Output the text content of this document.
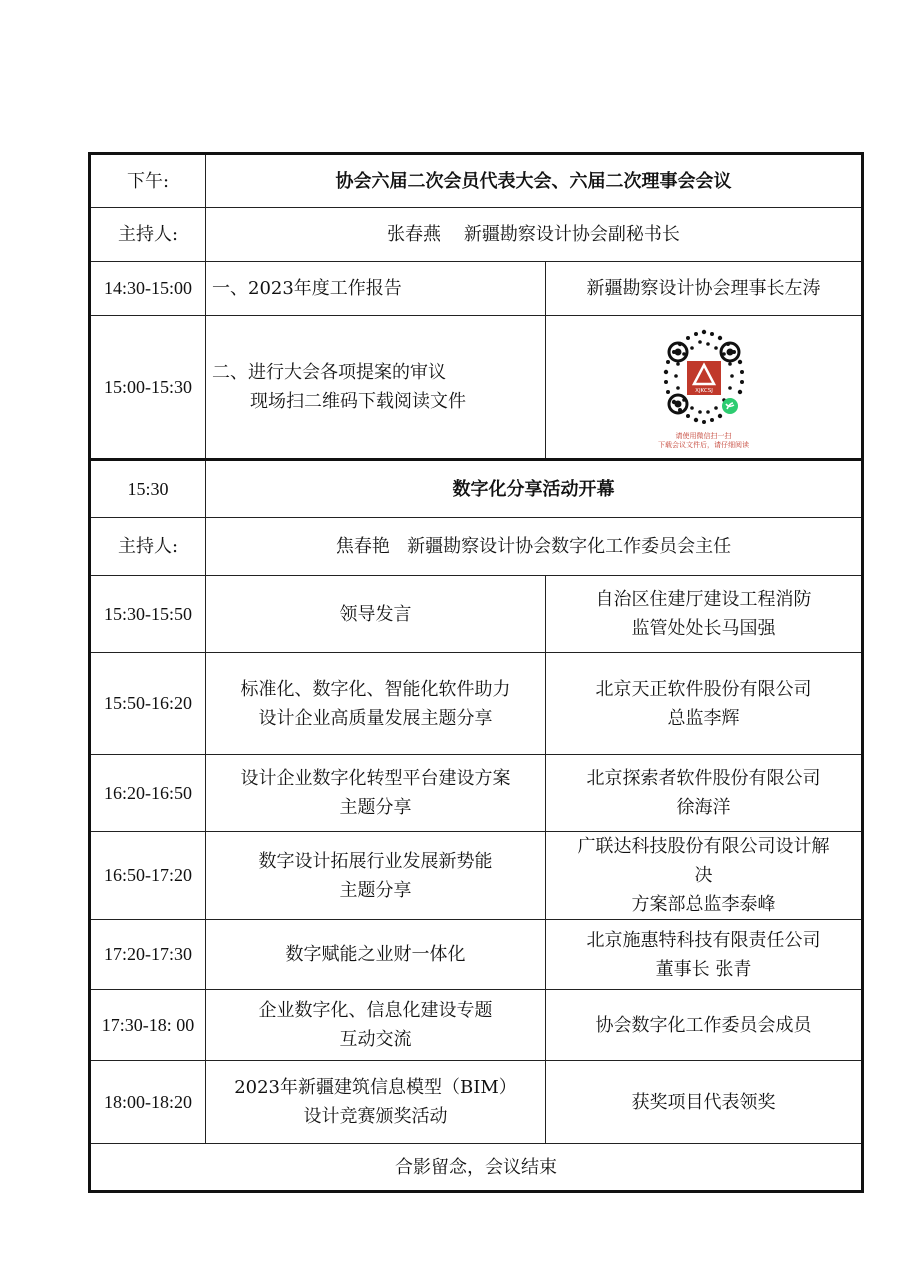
下午:	协会六届二次会员代表大会、六届二次理事会会议	
主持人:	张春燕    新疆勘察设计协会副秘书长	
14:30-15:00	一、2023年度工作报告	新疆勘察设计协会理事长左涛
15:00-15:30	二、进行大会各项提案的审议
现场扫二维码下载阅读文件	XJKCSJ
请使用微信扫一扫
下载会议文件后，请仔细阅读

15:30	数字化分享活动开幕	
主持人:	焦春艳   新疆勘察设计协会数字化工作委员会主任	
15:30-15:50	领导发言	自治区住建厅建设工程消防
监管处处长马国强

15:50-16:20	标准化、数字化、智能化软件助力
设计企业高质量发展主题分享	北京天正软件股份有限公司
总监李辉

16:20-16:50	设计企业数字化转型平台建设方案
主题分享	北京探索者软件股份有限公司
徐海洋

16:50-17:20	数字设计拓展行业发展新势能
主题分享	广联达科技股份有限公司设计解
决
方案部总监李泰峰

17:20-17:30	数字赋能之业财一体化	北京施惠特科技有限责任公司
董事长 张青

17:30-18: 00	企业数字化、信息化建设专题
互动交流	协会数字化工作委员会成员

18:00-18:20	2023年新疆建筑信息模型（BIM）
设计竞赛颁奖活动	获奖项目代表领奖

合影留念，会议结束		
